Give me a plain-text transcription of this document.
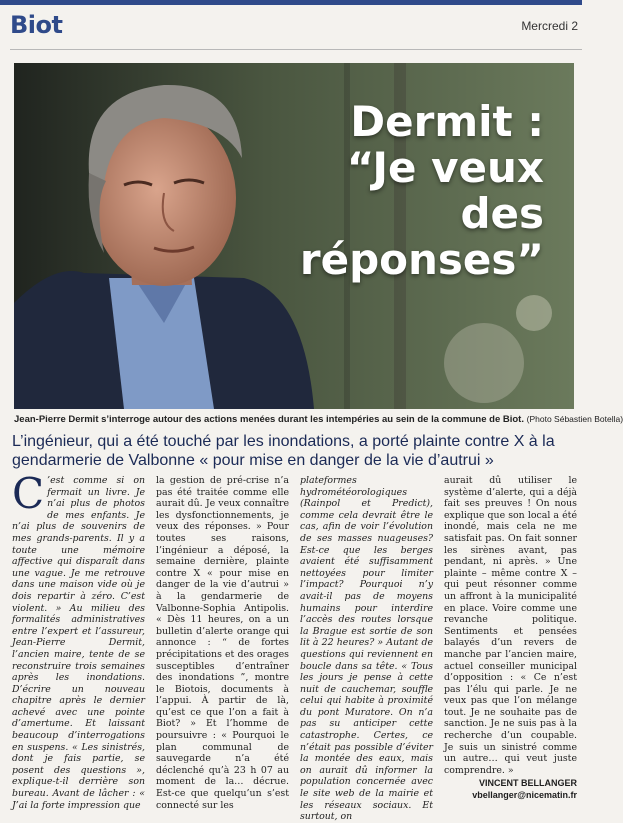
Biot	Mercredi 2
Dermit :
“Je veux
des réponses”
Jean-Pierre Dermit s’interroge autour des actions menées durant les intempéries au sein de la commune de Biot. (Photo Sébastien Botella)
L’ingénieur, qui a été touché par les inondations, a porté plainte contre X à la gendarmerie de Valbonne « pour mise en danger de la vie d’autrui »
C ’est comme si on fermait un livre. Je n’ai plus de photos de mes enfants. Je n’ai plus de souvenirs de mes grands-parents. Il y a toute une mémoire affective qui disparaît dans une vague. Je me retrouve dans une maison vide où je dois repartir à zéro. C’est violent. » Au milieu des formalités administratives entre l’expert et l’assureur, Jean-Pierre Dermit, l’ancien maire, tente de se reconstruire trois semaines après les inondations. D’écrire un nouveau chapitre après le dernier achevé avec une pointe d’amertume. Et laissant beaucoup d’interrogations en suspens. « Les sinistrés, dont je fais partie, se posent des questions », explique-t-il derrière son bureau. Avant de lâcher : « J’ai la forte impression que

la gestion de pré-crise n’a pas été traitée comme elle aurait dû. Je veux connaître les dysfonctionnements, je veux des réponses. » Pour toutes ses raisons, l’ingénieur a déposé, la semaine dernière, plainte contre X « pour mise en danger de la vie d’autrui » à la gendarmerie de Valbonne-Sophia Antipolis. « Dès 11 heures, on a un bulletin d’alerte orange qui annonce : “ de fortes précipitations et des orages susceptibles d’entraîner des inondations ”, montre le Biotois, documents à l’appui. À partir de là, qu’est ce que l’on a fait à Biot? » Et l’homme de poursuivre : « Pourquoi le plan communal de sauvegarde n’a été déclenché qu’à 23 h 07 au moment de la… décrue. Est-ce que quelqu’un s’est connecté sur les

plateformes hydrométéorologiques (Rainpol et Predict), comme cela devrait être le cas, afin de voir l’évolution de ses masses nuageuses? Est-ce que les berges avaient été suffisamment nettoyées pour limiter l’impact? Pourquoi n’y avait-il pas de moyens humains pour interdire l’accès des routes lorsque la Brague est sortie de son lit à 22 heures? » Autant de questions qui reviennent en boucle dans sa tête. « Tous les jours je pense à cette nuit de cauchemar, souffle celui qui habite à proximité du pont Muratore. On n’a pas su anticiper cette catastrophe. Certes, ce n’était pas possible d’éviter la montée des eaux, mais on aurait dû informer la population concernée avec le site web de la mairie et les réseaux sociaux. Et surtout, on

aurait dû utiliser le système d’alerte, qui a déjà fait ses preuves ! On nous explique que son local a été inondé, mais cela ne me satisfait pas. On fait sonner les sirènes avant, pas pendant, ni après. » Une plainte – même contre X – qui peut résonner comme un affront à la municipalité en place. Voire comme une revanche politique. Sentiments et pensées balayés d’un revers de manche par l’ancien maire, actuel conseiller municipal d’opposition : « Ce n’est pas l’élu qui parle. Je ne veux pas que l’on mélange tout. Je ne souhaite pas de sanction. Je ne suis pas à la recherche d’un coupable. Je suis un sinistré comme un autre… qui veut juste comprendre. »

VINCENT BELLANGER
vbellanger@nicematin.fr
